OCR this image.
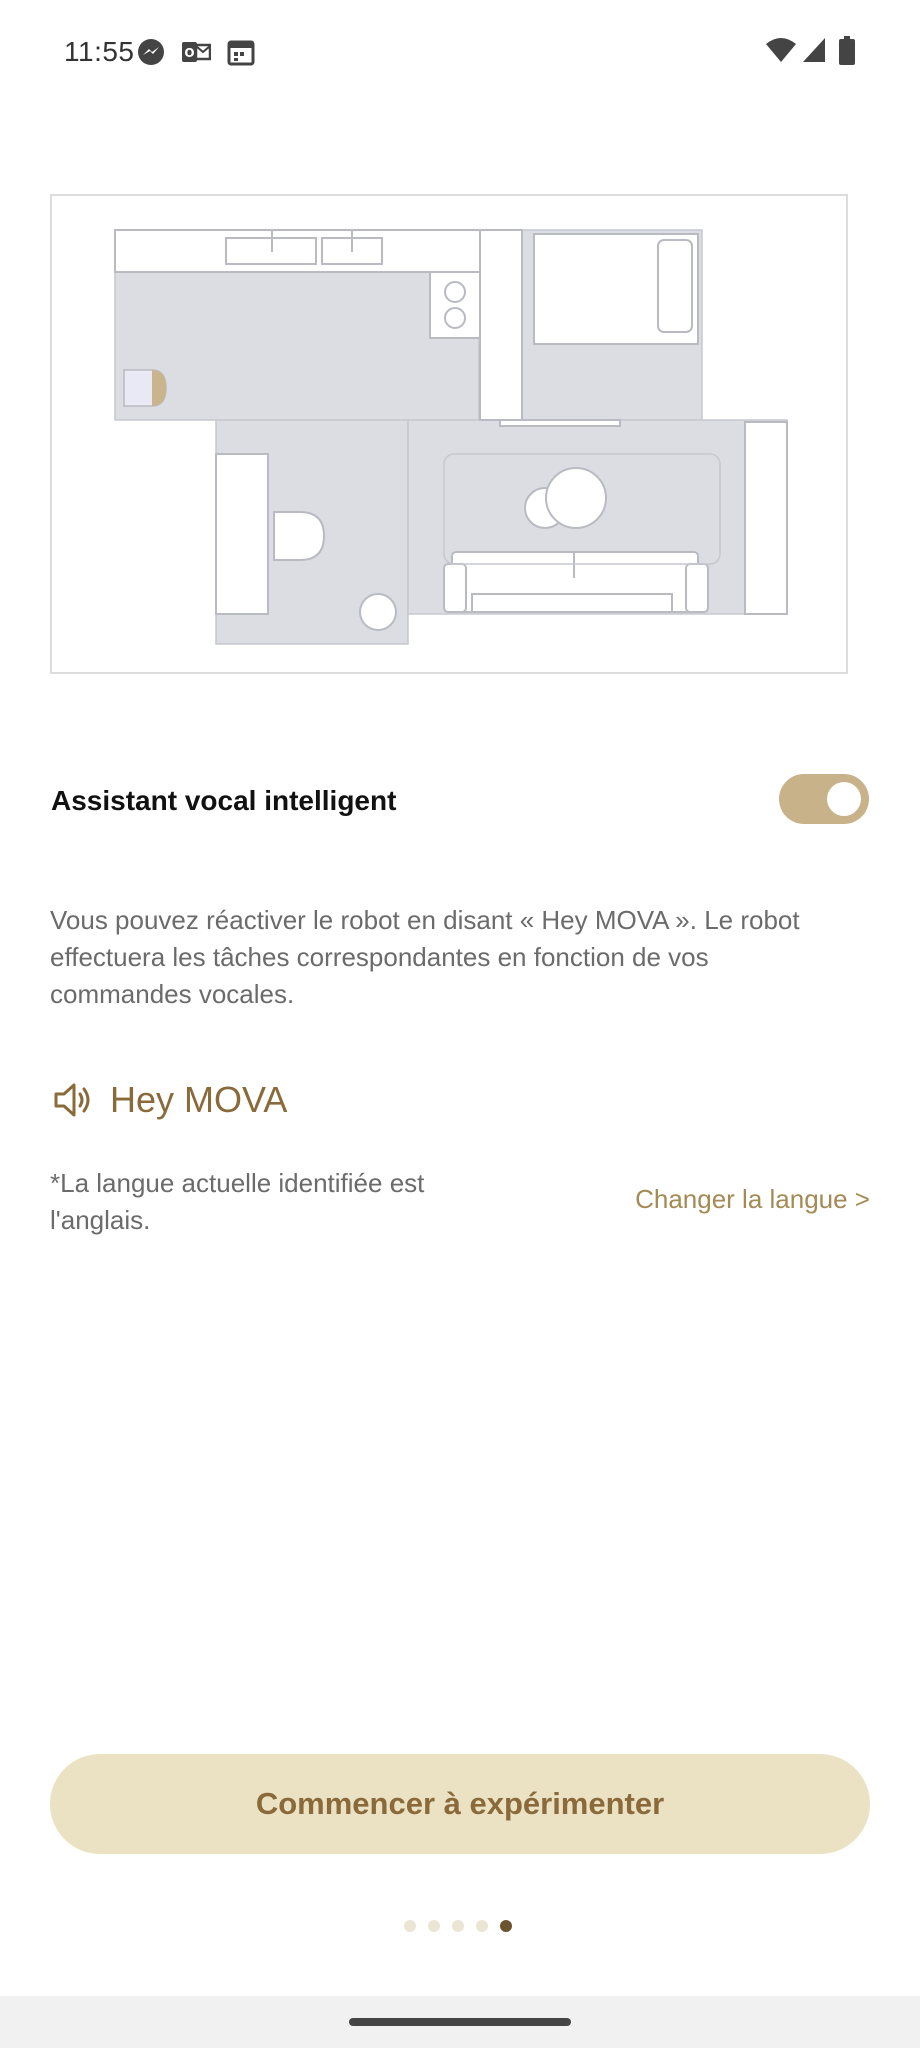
11:55	O
Assistant vocal intelligent

Vous pouvez réactiver le robot en disant « Hey MOVA ». Le robot effectuera les tâches correspondantes en fonction de vos commandes vocales.

Hey MOVA

*La langue actuelle identifiée est l'anglais.

Changer la langue >
Commencer à expérimenter
